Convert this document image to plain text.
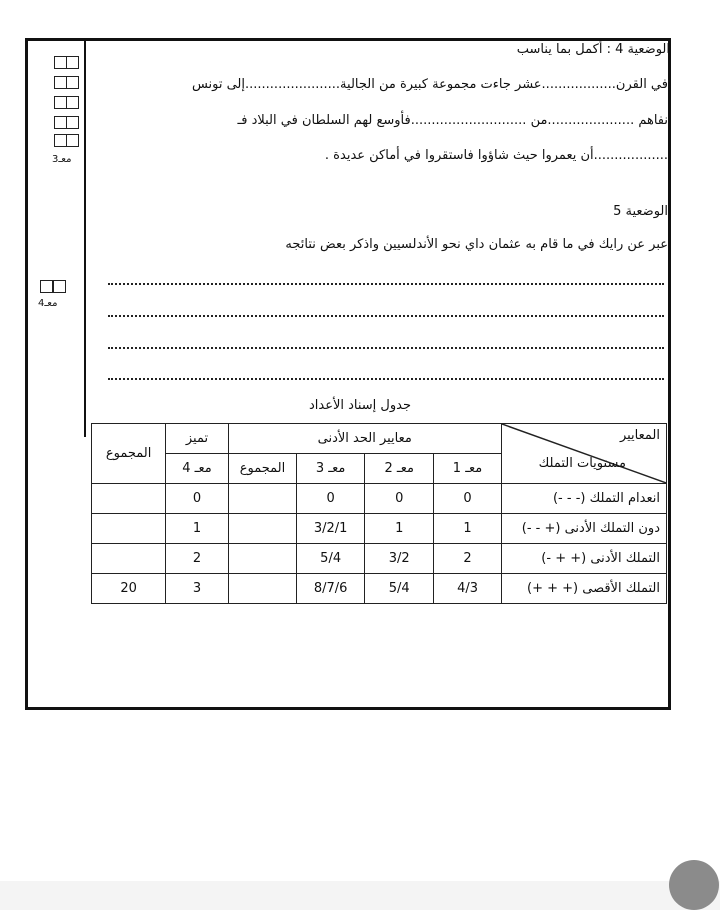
معـ3
معـ4
الوضعية 4 : أكمل بما يناسب
في القرن..................عشر جاءت مجموعة كبيرة من الجالية.......................إلى تونس
نفاهم .....................من ............................فأوسع لهم السلطان في البلاد فـ
..................أن يعمروا حيث شاؤوا فاستقروا في أماكن عديدة .
الوضعية 5
عبر عن رايك في ما قام به عثمان داي نحو الأندلسيين واذكر بعض نتائجه
جدول إسناد الأعداد
المعايير
مستويات التملك	معايير الحد الأدنى				تميز	المجموع
	معـ 1	معـ 2	معـ 3	المجموع	معـ 4	
انعدام التملك (- - -)	0	0	0		0	
دون التملك الأدنى (+ - -)	1	1	3/2/1		1	
التملك الأدنى (+ + -)	2	3/2	5/4		2	
التملك الأقصى (+ + +)	4/3	5/4	8/7/6		3	20
